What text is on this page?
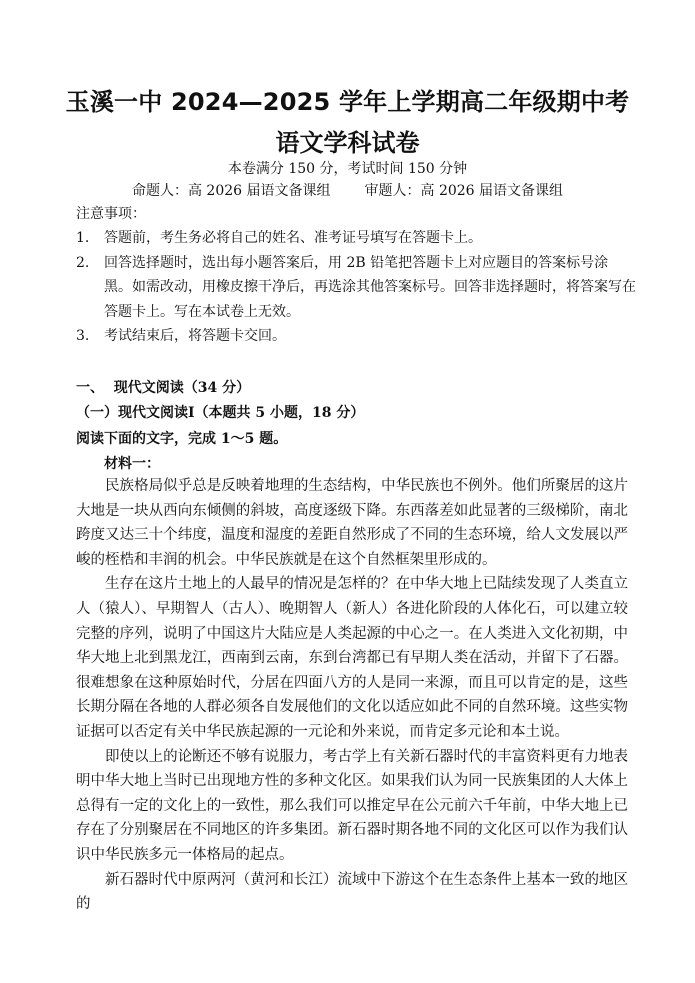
玉溪一中 2024—2025 学年上学期高二年级期中考
语文学科试卷
本卷满分 150 分，考试时间 150 分钟
命题人：高 2026 届语文备课组 审题人：高 2026 届语文备课组
注意事项：
1. 答题前，考生务必将自己的姓名、准考证号填写在答题卡上。
2. 回答选择题时，选出每小题答案后，用 2B 铅笔把答题卡上对应题目的答案标号涂黑。如需改动，用橡皮擦干净后，再选涂其他答案标号。回答非选择题时，将答案写在答题卡上。写在本试卷上无效。
3. 考试结束后，将答题卡交回。
一、  现代文阅读（34 分）
（一）现代文阅读Ⅰ（本题共 5 小题，18 分）
阅读下面的文字，完成 1～5 题。
材料一：

民族格局似乎总是反映着地理的生态结构，中华民族也不例外。他们所聚居的这片大地是一块从西向东倾侧的斜坡，高度逐级下降。东西落差如此显著的三级梯阶，南北跨度又达三十个纬度，温度和湿度的差距自然形成了不同的生态环境，给人文发展以严峻的桎梏和丰润的机会。中华民族就是在这个自然框架里形成的。

生存在这片土地上的人最早的情况是怎样的？在中华大地上已陆续发现了人类直立人（猿人）、早期智人（古人）、晚期智人（新人）各进化阶段的人体化石，可以建立较完整的序列，说明了中国这片大陆应是人类起源的中心之一。在人类进入文化初期，中华大地上北到黑龙江，西南到云南，东到台湾都已有早期人类在活动，并留下了石器。很难想象在这种原始时代，分居在四面八方的人是同一来源，而且可以肯定的是，这些长期分隔在各地的人群必须各自发展他们的文化以适应如此不同的自然环境。这些实物证据可以否定有关中华民族起源的一元论和外来说，而肯定多元论和本土说。

即使以上的论断还不够有说服力，考古学上有关新石器时代的丰富资料更有力地表明中华大地上当时已出现地方性的多种文化区。如果我们认为同一民族集团的人大体上总得有一定的文化上的一致性，那么我们可以推定早在公元前六千年前，中华大地上已存在了分别聚居在不同地区的许多集团。新石器时期各地不同的文化区可以作为我们认识中华民族多元一体格局的起点。

新石器时代中原两河（黄河和长江）流域中下游这个在生态条件上基本一致的地区的
